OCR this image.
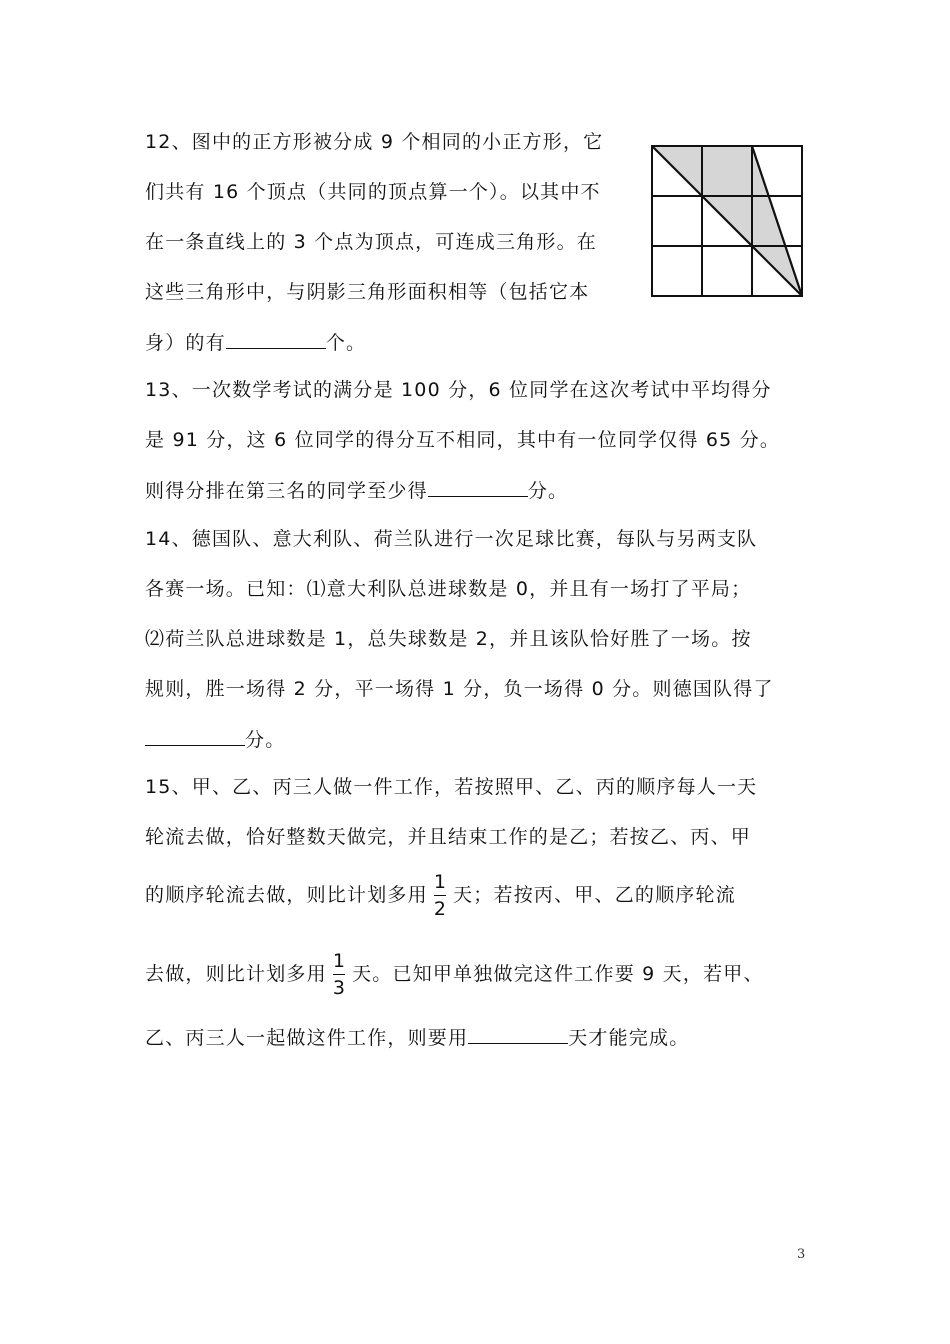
12、图中的正方形被分成 9 个相同的小正方形，它
们共有 16 个顶点（共同的顶点算一个）。以其中不
在一条直线上的 3 个点为顶点，可连成三角形。在
这些三角形中，与阴影三角形面积相等（包括它本
身）的有	个。
13、一次数学考试的满分是 100 分，6 位同学在这次考试中平均得分
是 91 分，这 6 位同学的得分互不相同，其中有一位同学仅得 65 分。
则得分排在第三名的同学至少得	分。
14、德国队、意大利队、荷兰队进行一次足球比赛，每队与另两支队
各赛一场。已知：⑴意大利队总进球数是 0，并且有一场打了平局；
⑵荷兰队总进球数是 1，总失球数是 2，并且该队恰好胜了一场。按
规则，胜一场得 2 分，平一场得 1 分，负一场得 0 分。则德国队得了
分。
15、甲、乙、丙三人做一件工作，若按照甲、乙、丙的顺序每人一天
轮流去做，恰好整数天做完，并且结束工作的是乙；若按乙、丙、甲
的顺序轮流去做，则比计划多用 $\frac{1}{2}$ 天；若按丙、甲、乙的顺序轮流
去做，则比计划多用 $\frac{1}{3}$ 天。已知甲单独做完这件工作要 9 天，若甲、
乙、丙三人一起做这件工作，则要用	天才能完成。
3
